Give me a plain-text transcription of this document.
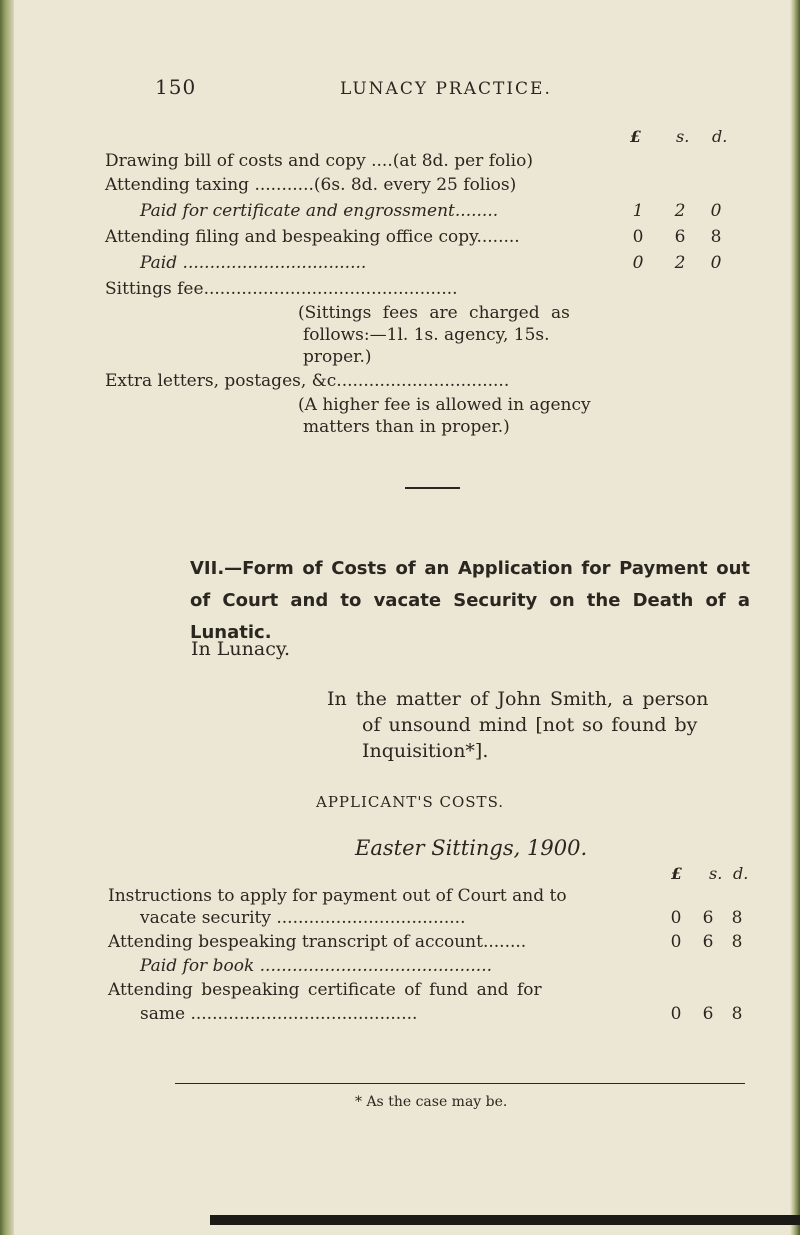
150	LUNACY PRACTICE.
£ s. d.
Drawing bill of costs and copy ....(at 8d. per folio)
Attending taxing ...........(6s. 8d. every 25 folios)
Paid for certificate and engrossment........	1 2 0
Attending filing and bespeaking office copy........	0 6 8
Paid ..................................	0 2 0
Sittings fee...............................................
(Sittings fees are charged as
follows:—1l. 1s. agency, 15s.
proper.)
Extra letters, postages, &c................................
(A higher fee is allowed in agency
matters than in proper.)
VII.—Form of Costs of an Application for Payment out of Court and to vacate Security on the Death of a Lunatic.
In Lunacy.
In the matter of John Smith, a person
of unsound mind [not so found by
Inquisition*].
APPLICANT'S COSTS.
Easter Sittings, 1900.
£ s. d.
Instructions to apply for payment out of Court and to
vacate security ...................................	0 6 8
Attending bespeaking transcript of account........	0 6 8
Paid for book ...........................................
Attending bespeaking certificate of fund and for
same ..........................................	0 6 8
* As the case may be.
